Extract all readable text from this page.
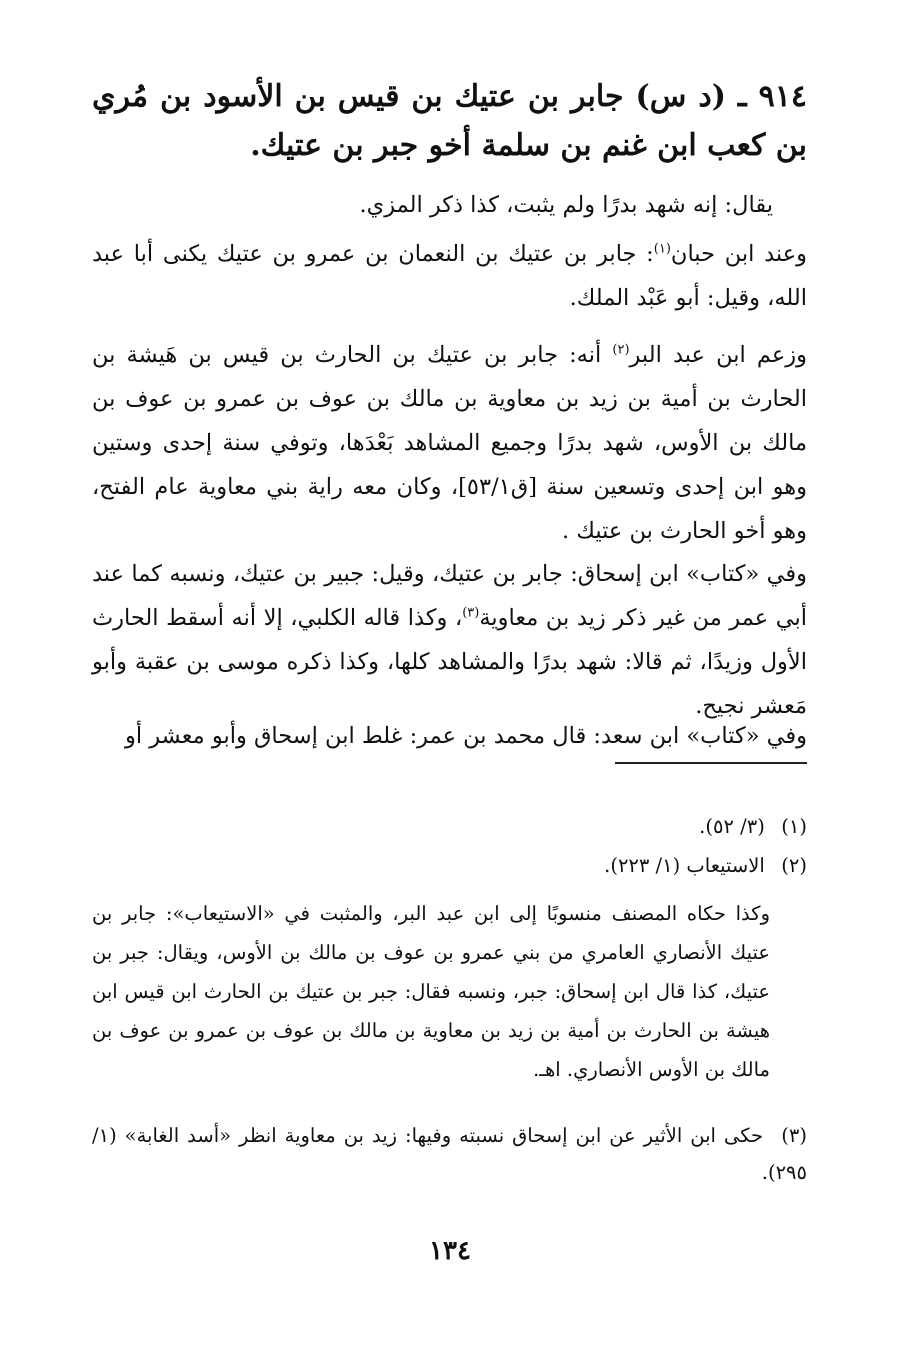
٩١٤ ـ (د س) جابر بن عتيك بن قيس بن الأسود بن مُري بن كعب ابن غنم بن سلمة أخو جبر بن عتيك.
يقال: إنه شهد بدرًا ولم يثبت، كذا ذكر المزي.
وعند ابن حبان$^{(١)}$: جابر بن عتيك بن النعمان بن عمرو بن عتيك يكنى أبا عبد الله، وقيل: أبو عَبْد الملك.
وزعم ابن عبد البر$^{(٢)}$ أنه: جابر بن عتيك بن الحارث بن قيس بن هَيشة بن الحارث بن أمية بن زيد بن معاوية بن مالك بن عوف بن عمرو بن عوف بن مالك بن الأوس، شهد بدرًا وجميع المشاهد بَعْدَها، وتوفي سنة إحدى وستين وهو ابن إحدى وتسعين سنة [ق٥٣/١]، وكان معه راية بني معاوية عام الفتح، وهو أخو الحارث بن عتيك .
وفي «كتاب» ابن إسحاق: جابر بن عتيك، وقيل: جبير بن عتيك، ونسبه كما عند أبي عمر من غير ذكر زيد بن معاوية$^{(٣)}$، وكذا قاله الكلبي، إلا أنه أسقط الحارث الأول وزيدًا، ثم قالا: شهد بدرًا والمشاهد كلها، وكذا ذكره موسى بن عقبة وأبو مَعشر نجيح.
وفي «كتاب» ابن سعد: قال محمد بن عمر: غلط ابن إسحاق وأبو معشر أو
(١) (٣/ ٥٢).
(٢) الاستيعاب (١/ ٢٢٣).
وكذا حكاه المصنف منسوبًا إلى ابن عبد البر، والمثبت في «الاستيعاب»: جابر بن عتيك الأنصاري العامري من بني عمرو بن عوف بن مالك بن الأوس، ويقال: جبر بن عتيك، كذا قال ابن إسحاق: جبر، ونسبه فقال: جبر بن عتيك بن الحارث ابن قيس ابن هيشة بن الحارث بن أمية بن زيد بن معاوية بن مالك بن عوف بن عمرو بن عوف بن مالك بن الأوس الأنصاري. اهـ.
(٣) حكى ابن الأثير عن ابن إسحاق نسبته وفيها: زيد بن معاوية انظر «أسد الغابة» (١/ ٢٩٥).
١٣٤
